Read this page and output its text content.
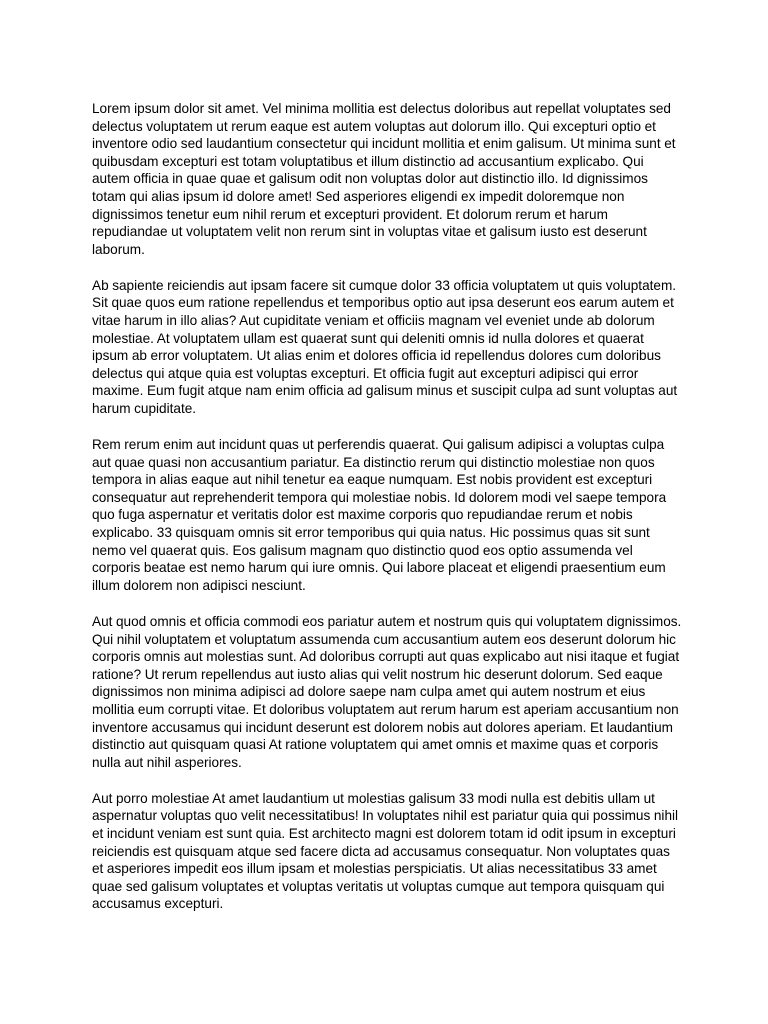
Lorem ipsum dolor sit amet. Vel minima mollitia est delectus doloribus aut repellat voluptates sed delectus voluptatem ut rerum eaque est autem voluptas aut dolorum illo. Qui excepturi optio et inventore odio sed laudantium consectetur qui incidunt mollitia et enim galisum. Ut minima sunt et quibusdam excepturi est totam voluptatibus et illum distinctio ad accusantium explicabo. Qui autem officia in quae quae et galisum odit non voluptas dolor aut distinctio illo. Id dignissimos totam qui alias ipsum id dolore amet! Sed asperiores eligendi ex impedit doloremque non dignissimos tenetur eum nihil rerum et excepturi provident. Et dolorum rerum et harum repudiandae ut voluptatem velit non rerum sint in voluptas vitae et galisum iusto est deserunt laborum.

Ab sapiente reiciendis aut ipsam facere sit cumque dolor 33 officia voluptatem ut quis voluptatem. Sit quae quos eum ratione repellendus et temporibus optio aut ipsa deserunt eos earum autem et vitae harum in illo alias? Aut cupiditate veniam et officiis magnam vel eveniet unde ab dolorum molestiae. At voluptatem ullam est quaerat sunt qui deleniti omnis id nulla dolores et quaerat ipsum ab error voluptatem. Ut alias enim et dolores officia id repellendus dolores cum doloribus delectus qui atque quia est voluptas excepturi. Et officia fugit aut excepturi adipisci qui error maxime. Eum fugit atque nam enim officia ad galisum minus et suscipit culpa ad sunt voluptas aut harum cupiditate.

Rem rerum enim aut incidunt quas ut perferendis quaerat. Qui galisum adipisci a voluptas culpa aut quae quasi non accusantium pariatur. Ea distinctio rerum qui distinctio molestiae non quos tempora in alias eaque aut nihil tenetur ea eaque numquam. Est nobis provident est excepturi consequatur aut reprehenderit tempora qui molestiae nobis. Id dolorem modi vel saepe tempora quo fuga aspernatur et veritatis dolor est maxime corporis quo repudiandae rerum et nobis explicabo. 33 quisquam omnis sit error temporibus qui quia natus. Hic possimus quas sit sunt nemo vel quaerat quis. Eos galisum magnam quo distinctio quod eos optio assumenda vel corporis beatae est nemo harum qui iure omnis. Qui labore placeat et eligendi praesentium eum illum dolorem non adipisci nesciunt.

Aut quod omnis et officia commodi eos pariatur autem et nostrum quis qui voluptatem dignissimos. Qui nihil voluptatem et voluptatum assumenda cum accusantium autem eos deserunt dolorum hic corporis omnis aut molestias sunt. Ad doloribus corrupti aut quas explicabo aut nisi itaque et fugiat ratione? Ut rerum repellendus aut iusto alias qui velit nostrum hic deserunt dolorum. Sed eaque dignissimos non minima adipisci ad dolore saepe nam culpa amet qui autem nostrum et eius mollitia eum corrupti vitae. Et doloribus voluptatem aut rerum harum est aperiam accusantium non inventore accusamus qui incidunt deserunt est dolorem nobis aut dolores aperiam. Et laudantium distinctio aut quisquam quasi At ratione voluptatem qui amet omnis et maxime quas et corporis nulla aut nihil asperiores.

Aut porro molestiae At amet laudantium ut molestias galisum 33 modi nulla est debitis ullam ut aspernatur voluptas quo velit necessitatibus! In voluptates nihil est pariatur quia qui possimus nihil et incidunt veniam est sunt quia. Est architecto magni est dolorem totam id odit ipsum in excepturi reiciendis est quisquam atque sed facere dicta ad accusamus consequatur. Non voluptates quas et asperiores impedit eos illum ipsam et molestias perspiciatis. Ut alias necessitatibus 33 amet quae sed galisum voluptates et voluptas veritatis ut voluptas cumque aut tempora quisquam qui accusamus excepturi.
